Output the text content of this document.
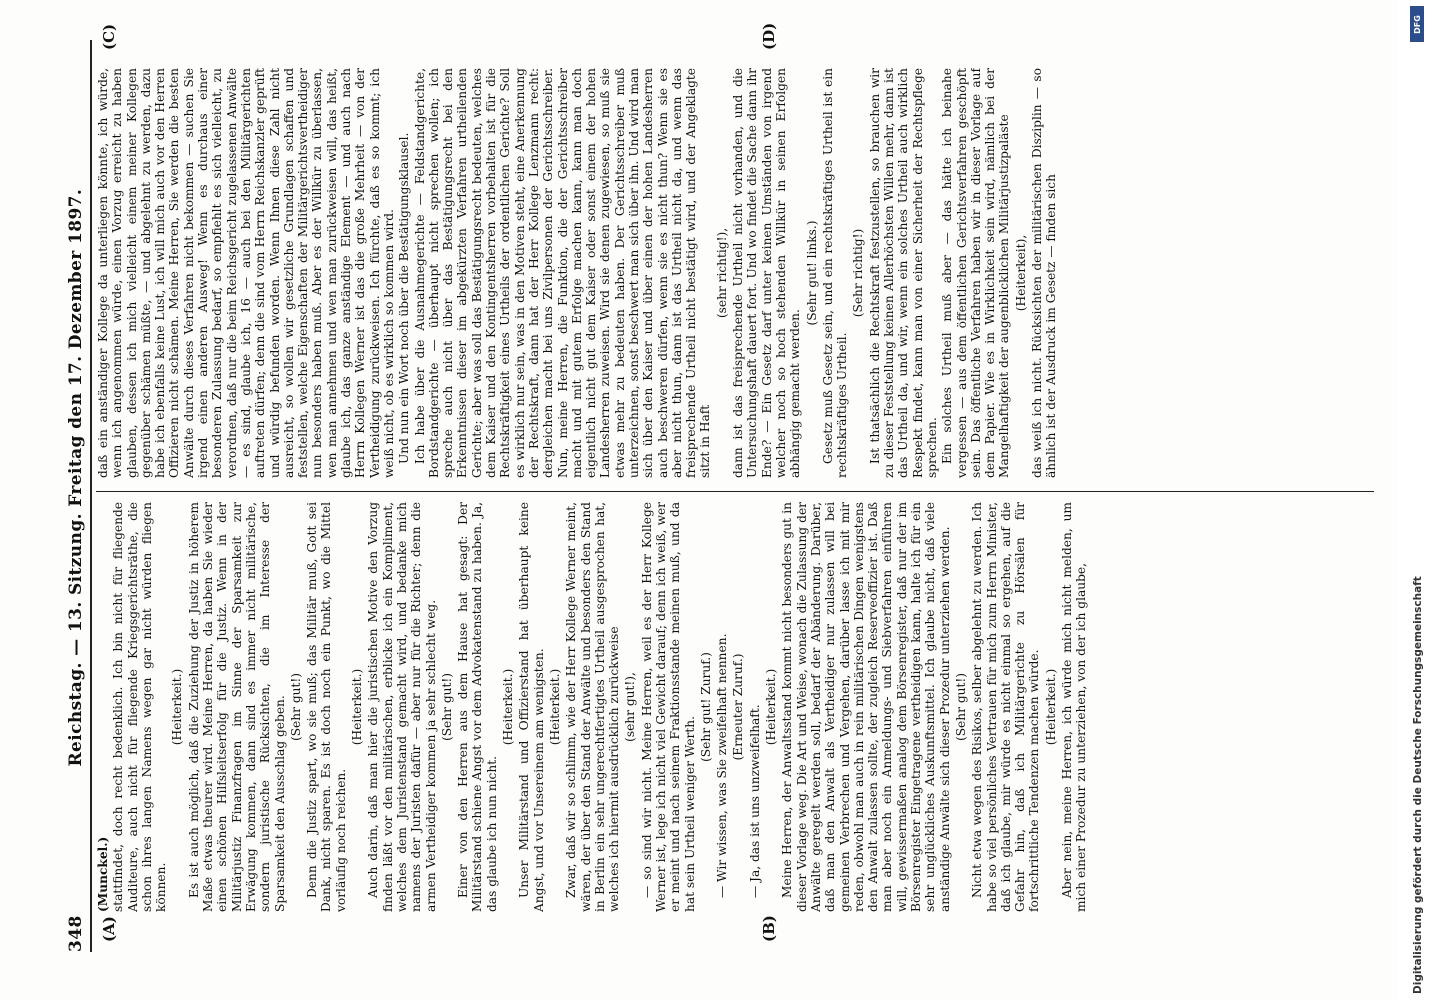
348
Reichstag. — 13. Sitzung. Freitag den 17. Dezember 1897.
(A)	(B)
(C)	(D)

(Munckel.) stattfindet, doch recht bedenklich. Ich bin nicht für fliegende Auditeure, auch nicht für fliegende Kriegsgerichtsräthe, die schon ihres langen Namens wegen gar nicht würden fliegen können.

(Heiterkeit.) Es ist auch möglich, daß die Zuziehung der Justiz in höherem Maße etwas theurer wird. Meine Herren, da haben Sie wieder einen schönen Hilfsleitserfolg für die Justiz. Wenn in der Militärjustiz Finanzfragen im Sinne der Sparsamkeit zur Erwägung kommen, dann sind es immer nicht militärische, sondern juristische Rücksichten, die im Interesse der Sparsamkeit den Ausschlag geben. (Sehr gut!) Denn die Justiz spart, wo sie muß; das Militär muß, Gott sei Dank, nicht sparen. Es ist doch noch ein Punkt, wo die Mittel vorläufig noch reichen.

(Heiterkeit.) Auch darin, daß man hier die juristischen Motive den Vorzug finden läßt vor den militärischen, erblicke ich ein Kompliment, welches dem Juristenstand gemacht wird, und bedanke mich namens der Juristen dafür — aber nur für die Richter; denn die armen Vertheidiger kommen ja sehr schlecht weg. (Sehr gut!) Einer von den Herren aus dem Hause hat gesagt: Der Militärstand schiene Angst vor dem Advokatenstand zu haben. Ja, das glaube ich nun nicht.

(Heiterkeit.) Unser Militärstand und Offizierstand hat überhaupt keine Angst, und vor Unsereinem am wenigsten. (Heiterkeit.) Zwar, daß wir so schlimm, wie der Herr Kollege Werner meint, wären, der über den Stand der Anwälte und besonders den Stand in Berlin ein sehr ungerechtfertigtes Urtheil ausgesprochen hat, welches ich hiermit ausdrücklich zurückweise (sehr gut!), — so sind wir nicht. Meine Herren, weil es der Herr Kollege Werner ist, lege ich nicht viel Gewicht darauf; denn ich weiß, wer er meint und nach seinem Fraktionsstande meinen muß, und da hat sein Urtheil weniger Werth.

(Sehr gut! Zuruf.) — Wir wissen, was Sie zweifelhaft nennen. (Erneuter Zuruf.) — Ja, das ist uns unzweifelhaft. (Heiterkeit.) Meine Herren, der Anwaltsstand kommt nicht besonders gut in dieser Vorlage weg. Die Art und Weise, wonach die Zulassung der Anwälte geregelt werden soll, bedarf der Abänderung. Darüber, daß man den Anwalt als Vertheidiger nur zulassen will bei gemeinen Verbrechen und Vergehen, darüber lasse ich mit mir reden, obwohl man auch in rein militärischen Dingen wenigstens den Anwalt zulassen sollte, der zugleich Reserveoffizier ist. Daß man aber noch ein Anmeldungs- und Siebverfahren einführen will, gewissermaßen analog dem Börsenregister, daß nur der im Börsenregister Eingetragene vertheidigen kann, halte ich für ein sehr unglückliches Auskunftsmittel. Ich glaube nicht, daß viele anständige Anwälte sich dieser Prozedur unterziehen werden. (Sehr gut!) Nicht etwa wegen des Risikos, selber abgelehnt zu werden. Ich habe so viel persönliches Vertrauen für mich zum Herrn Minister, daß ich glaube, mir würde es nicht einmal so ergehen, auf die Gefahr hin, daß ich Militärgerichte zu Hörsälen für fortschrittliche Tendenzen machen würde. (Heiterkeit.) Aber nein, meine Herren, ich würde mich nicht melden, um mich einer Prozedur zu unterziehen, von der ich glaube,

daß ein anständiger Kollege da unterliegen könnte, ich würde, wenn ich angenommen würde, einen Vorzug erreicht zu haben glauben, dessen ich mich vielleicht einem meiner Kollegen gegenüber schämen müßte, — und abgelehnt zu werden, dazu habe ich ebenfalls keine Lust, ich will mich auch vor den Herren Offizieren nicht schämen. Meine Herren, Sie werden die besten Anwälte durch dieses Verfahren nicht bekommen — suchen Sie irgend einen anderen Ausweg! Wenn es durchaus einer besonderen Zulassung bedarf, so empfiehlt es sich vielleicht, zu verordnen, daß nur die beim Reichsgericht zugelassenen Anwälte — es sind, glaube ich, 16 — auch bei den Militärgerichten auftreten dürfen; denn die sind vom Herrn Reichskanzler geprüft und würdig befunden worden. Wenn Ihnen diese Zahl nicht ausreicht, so wollen wir gesetzliche Grundlagen schaffen und feststellen, welche Eigenschaften der Militärgerichtsvertheidiger nun besonders haben muß. Aber es der Willkür zu überlassen, wen man annehmen und wen man zurückweisen will, das heißt, glaube ich, das ganze anständige Element — und auch nach Herrn Kollegen Werner ist das die große Mehrheit — von der Vertheidigung zurückweisen. Ich fürchte, daß es so kommt; ich weiß nicht, ob es wirklich so kommen wird. Und nun ein Wort noch über die Bestätigungsklausel. Ich habe über die Ausnahmegerichte — Feldstandgerichte, Bordstandgerichte — überhaupt nicht sprechen wollen; ich spreche auch nicht über das Bestätigungsrecht bei den Erkenntnissen dieser im abgekürzten Verfahren urtheilenden Gerichte; aber was soll das Bestätigungsrecht bedeuten, welches dem Kaiser und den Kontingentsherren vorbehalten ist für die Rechtskräftigkeit eines Urtheils der ordentlichen Gerichte? Soll es wirklich nur sein, was in den Motiven steht, eine Anerkennung der Rechtskraft, dann hat der Herr Kollege Lenzmann recht: dergleichen macht bei uns Zivilpersonen der Gerichtsschreiber. Nun, meine Herren, die Funktion, die der Gerichtsschreiber macht und mit gutem Erfolge machen kann, kann man doch eigentlich nicht gut dem Kaiser oder sonst einem der hohen Landesherren zuweisen. Wird sie denen zugewiesen, so muß sie etwas mehr zu bedeuten haben. Der Gerichtsschreiber muß unterzeichnen, sonst beschwert man sich über ihn. Und wird man sich über den Kaiser und über einen der hohen Landesherren auch beschweren dürfen, wenn sie es nicht thun? Wenn sie es aber nicht thun, dann ist das Urtheil nicht da, und wenn das freisprechende Urtheil nicht bestätigt wird, und der Angeklagte sitzt in Haft

(sehr richtig!), dann ist das freisprechende Urtheil nicht vorhanden, und die Untersuchungshaft dauert fort. Und wo findet die Sache dann ihr Ende? — Ein Gesetz darf unter keinen Umständen von irgend welcher noch so hoch stehenden Willkür in seinen Erfolgen abhängig gemacht werden.

(Sehr gut! links.) Gesetz muß Gesetz sein, und ein rechtskräftiges Urtheil ist ein rechtskräftiges Urtheil.

(Sehr richtig!) Ist thatsächlich die Rechtskraft festzustellen, so brauchen wir zu dieser Feststellung keinen Allerhöchsten Willen mehr, dann ist das Urtheil da, und wir, wenn ein solches Urtheil auch wirklich Respekt findet, kann man von einer Sicherheit der Rechtspflege sprechen. Ein solches Urtheil muß aber — das hätte ich beinahe vergessen — aus dem öffentlichen Gerichtsverfahren geschöpft sein. Das öffentliche Verfahren haben wir in dieser Vorlage auf dem Papier. Wie es in Wirklichkeit sein wird, nämlich bei der Mangelhaftigkeit der augenblicklichen Militärjustizpaläste (Heiterkeit), das weiß ich nicht. Rücksichten der militärischen Disziplin — so ähnlich ist der Ausdruck im Gesetz — finden sich

DFG
Digitalisierung gefördert durch die Deutsche Forschungsgemeinschaft
